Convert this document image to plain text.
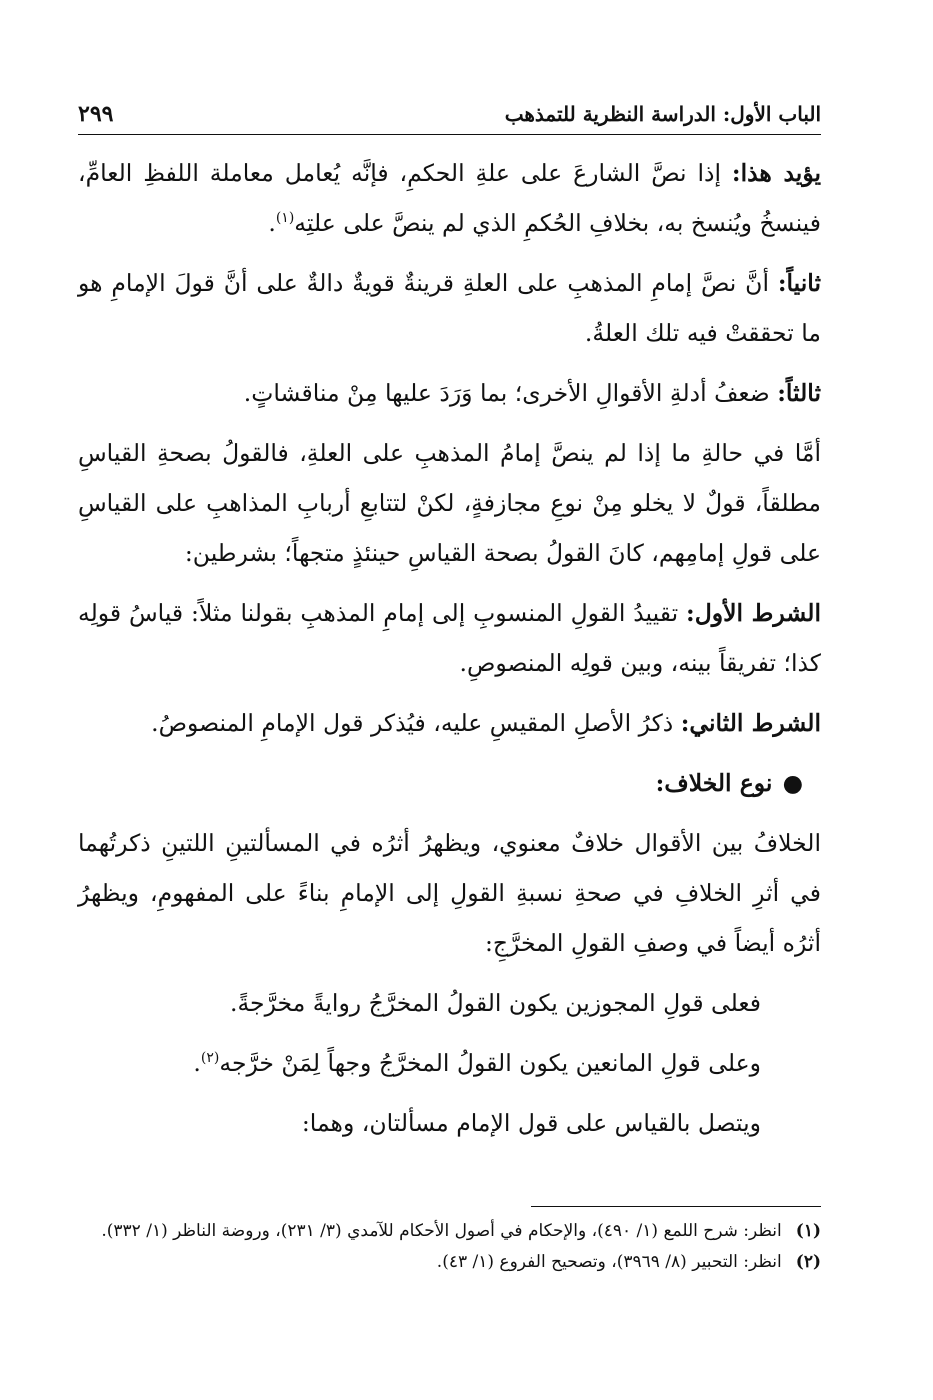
الباب الأول: الدراسة النظرية للتمذهب
٢٩٩

يؤيد هذا: إذا نصَّ الشارعَ على علةِ الحكمِ، فإنَّه يُعامل معاملة اللفظِ العامِّ، فينسخُ ويُنسخ به، بخلافِ الحُكمِ الذي لم ينصَّ على علتِه$^{(١)}$.

ثانياً: أنَّ نصَّ إمامِ المذهبِ على العلةِ قرينةٌ قويةٌ دالةٌ على أنَّ قولَ الإمامِ هو ما تحققتْ فيه تلك العلةُ.

ثالثاً: ضعفُ أدلةِ الأقوالِ الأخرى؛ بما وَرَدَ عليها مِنْ مناقشاتٍ.

أمَّا في حالةِ ما إذا لم ينصَّ إمامُ المذهبِ على العلةِ، فالقولُ بصحةِ القياسِ مطلقاً، قولٌ لا يخلو مِنْ نوعِ مجازفةٍ، لكنْ لتتابعِ أربابِ المذاهبِ على القياسِ على قولِ إمامِهم، كانَ القولُ بصحة القياسِ حينئذٍ متجهاً؛ بشرطين:

الشرط الأول: تقييدُ القولِ المنسوبِ إلى إمامِ المذهبِ بقولنا مثلاً: قياسُ قولِه كذا؛ تفريقاً بينه، وبين قولِه المنصوصِ.

الشرط الثاني: ذكرُ الأصلِ المقيسِ عليه، فيُذكر قول الإمامِ المنصوصُ.

●نوع الخلاف:

الخلافُ بين الأقوال خلافٌ معنوي، ويظهرُ أثرُه في المسألتينِ اللتينِ ذكرتُهما في أثرِ الخلافِ في صحةِ نسبةِ القولِ إلى الإمامِ بناءً على المفهومِ، ويظهرُ أثرُه أيضاً في وصفِ القولِ المخرَّجِ:

فعلى قولِ المجوزين يكون القولُ المخرَّجُ روايةً مخرَّجةً.

وعلى قولِ المانعين يكون القولُ المخرَّجُ وجهاً لِمَنْ خرَّجه$^{(٢)}$.

ويتصل بالقياس على قول الإمام مسألتان، وهما:

(١)
انظر: شرح اللمع (١/ ٤٩٠)، والإحكام في أصول الأحكام للآمدي (٣/ ٢٣١)، وروضة الناظر (١/ ٣٣٢).
(٢)
انظر: التحبير (٨/ ٣٩٦٩)، وتصحيح الفروع (١/ ٤٣).
